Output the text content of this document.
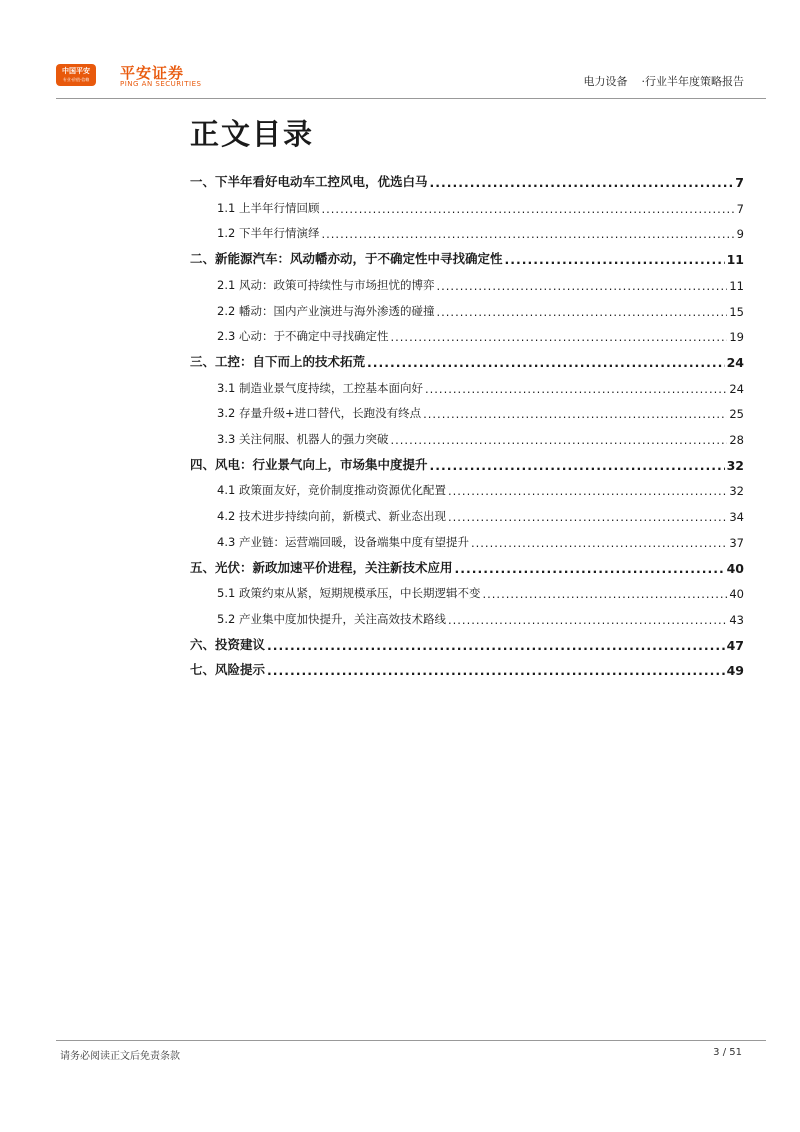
中国平安
专业·价值·信赖	平安证券
PING AN SECURITIES	电力设备 ·行业半年度策略报告
正文目录
一、下半年看好电动车工控风电，优选白马 .....	7
1.1 上半年行情回顾 .....	7
1.2 下半年行情演绎 .....	9
二、新能源汽车：风动幡亦动，于不确定性中寻找确定性 .....	11
2.1 风动：政策可持续性与市场担忧的博弈 .....	11
2.2 幡动：国内产业演进与海外渗透的碰撞 .....	15
2.3 心动：于不确定中寻找确定性 .....	19
三、工控：自下而上的技术拓荒 .....	24
3.1 制造业景气度持续，工控基本面向好 .....	24
3.2 存量升级+进口替代，长跑没有终点 .....	25
3.3 关注伺服、机器人的强力突破 .....	28
四、风电：行业景气向上，市场集中度提升 .....	32
4.1 政策面友好，竞价制度推动资源优化配置 .....	32
4.2 技术进步持续向前，新模式、新业态出现 .....	34
4.3 产业链：运营端回暖，设备端集中度有望提升 .....	37
五、光伏：新政加速平价进程，关注新技术应用 .....	40
5.1 政策约束从紧，短期规模承压，中长期逻辑不变 .....	40
5.2 产业集中度加快提升，关注高效技术路线 .....	43
六、投资建议 .....	47
七、风险提示 .....	49
请务必阅读正文后免责条款	3 / 51
